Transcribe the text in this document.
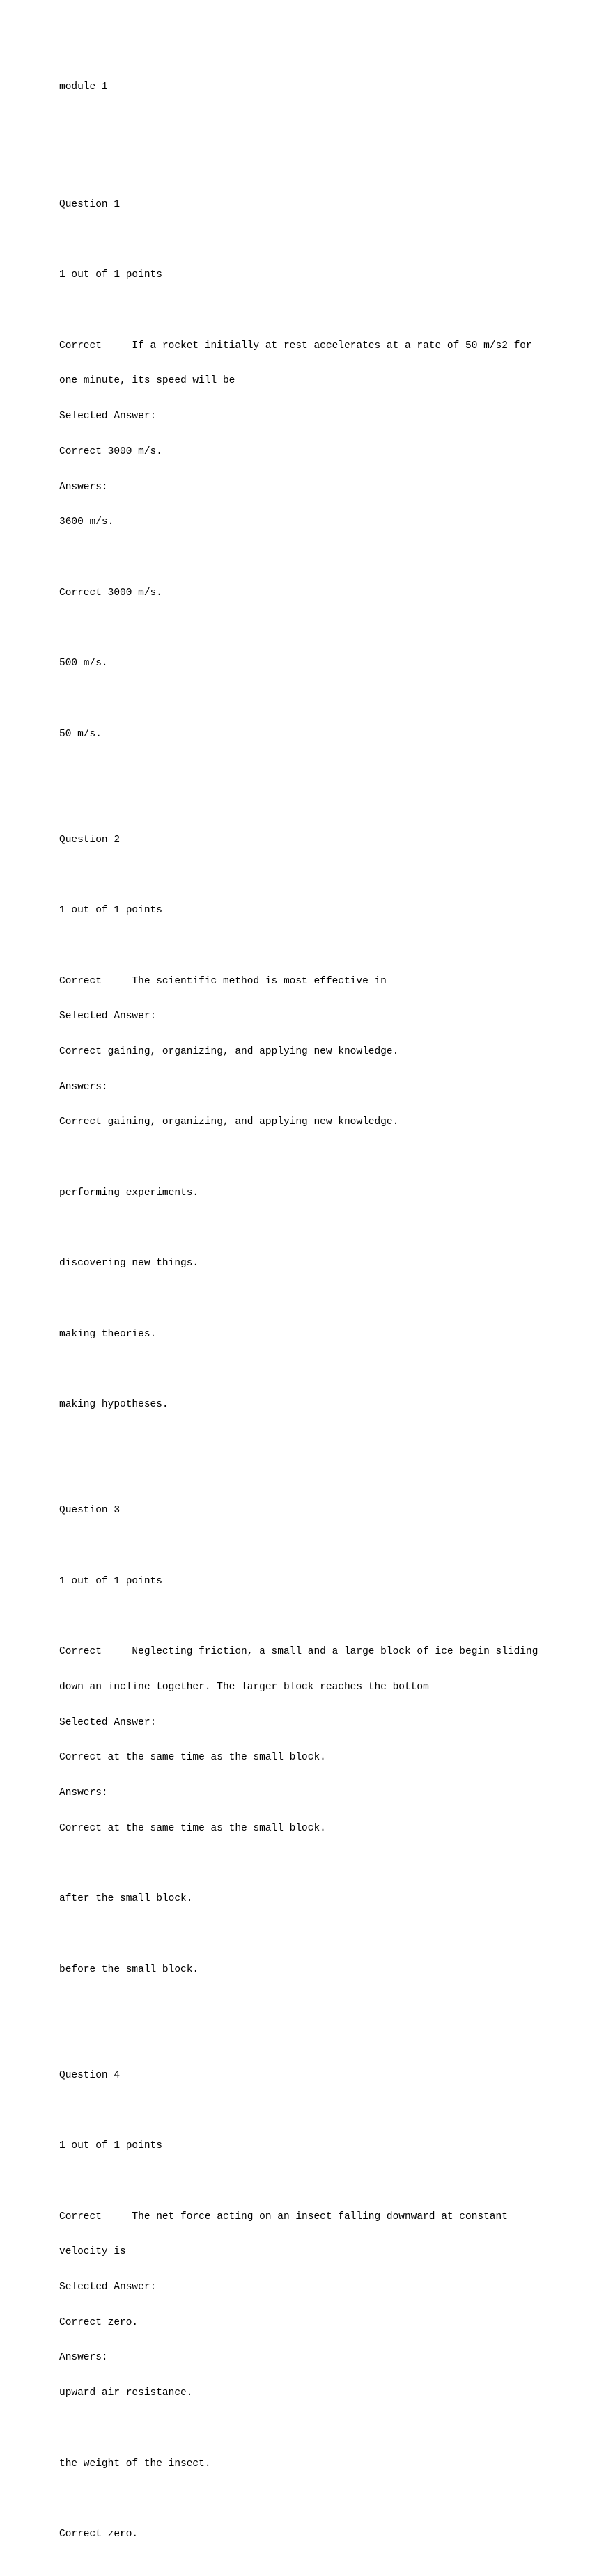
module 1

Question 1

1 out of 1 points

Correct     If a rocket initially at rest accelerates at a rate of 50 m/s2 for

one minute, its speed will be

Selected Answer:

Correct 3000 m/s.

Answers:

3600 m/s.

Correct 3000 m/s.

500 m/s.

50 m/s.

Question 2

1 out of 1 points

Correct     The scientific method is most effective in

Selected Answer:

Correct gaining, organizing, and applying new knowledge.

Answers:

Correct gaining, organizing, and applying new knowledge.

performing experiments.

discovering new things.

making theories.

making hypotheses.

Question 3

1 out of 1 points

Correct     Neglecting friction, a small and a large block of ice begin sliding

down an incline together. The larger block reaches the bottom

Selected Answer:

Correct at the same time as the small block.

Answers:

Correct at the same time as the small block.

after the small block.

before the small block.

Question 4

1 out of 1 points

Correct     The net force acting on an insect falling downward at constant

velocity is

Selected Answer:

Correct zero.

Answers:

upward air resistance.

the weight of the insect.

Correct zero.
